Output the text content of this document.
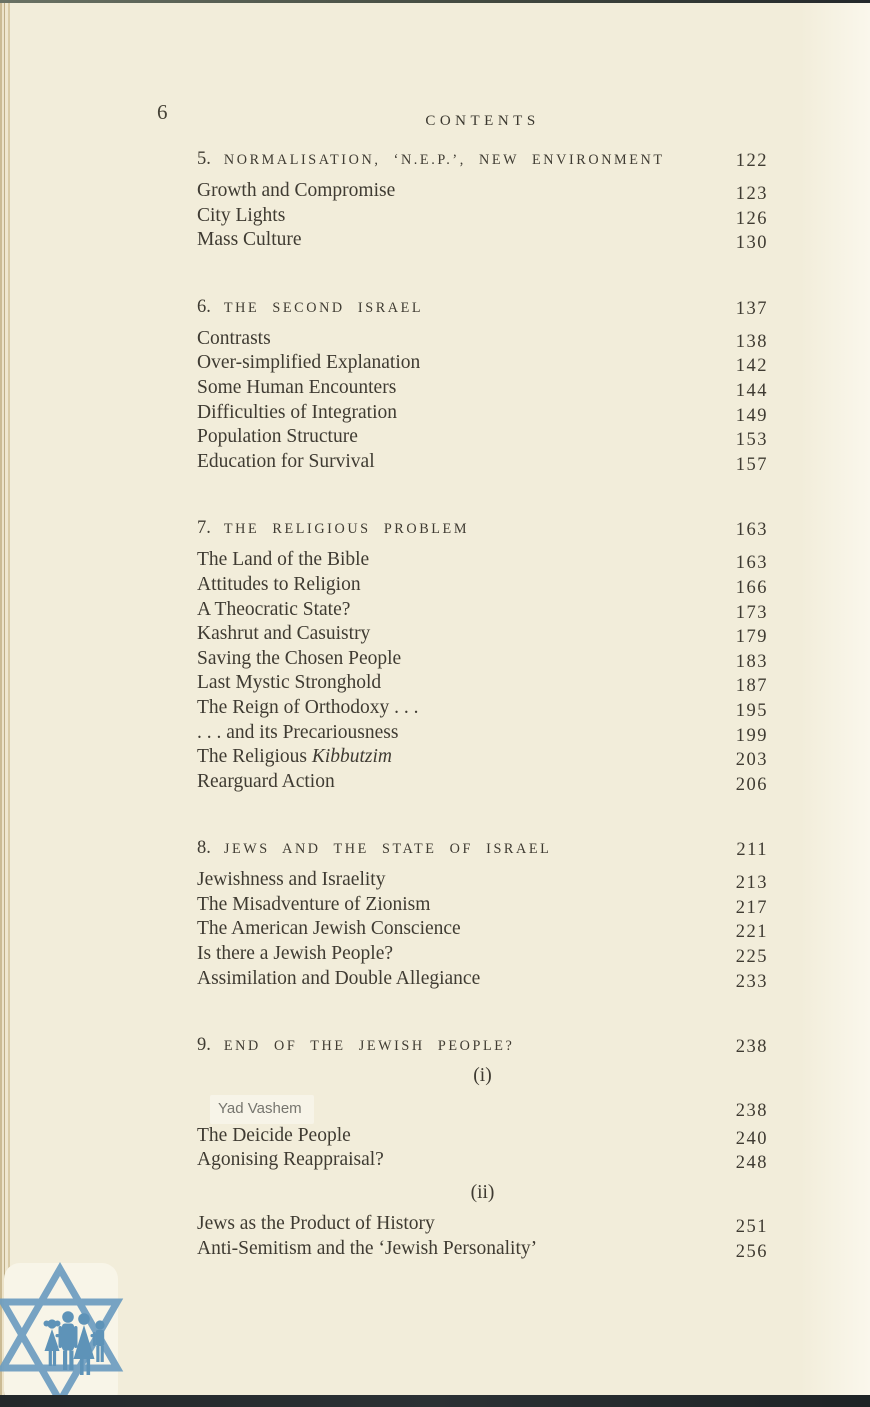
6	CONTENTS
5. NORMALISATION, ‘N.E.P.’, NEW ENVIRONMENT	122
Growth and Compromise	123
City Lights	126
Mass Culture	130
6. THE SECOND ISRAEL	137
Contrasts	138
Over-simplified Explanation	142
Some Human Encounters	144
Difficulties of Integration	149
Population Structure	153
Education for Survival	157
7. THE RELIGIOUS PROBLEM	163
The Land of the Bible	163
Attitudes to Religion	166
A Theocratic State?	173
Kashrut and Casuistry	179
Saving the Chosen People	183
Last Mystic Stronghold	187
The Reign of Orthodoxy . . .	195
. . . and its Precariousness	199
The Religious Kibbutzim	203
Rearguard Action	206
8. JEWS AND THE STATE OF ISRAEL	211
Jewishness and Israelity	213
The Misadventure of Zionism	217
The American Jewish Conscience	221
Is there a Jewish People?	225
Assimilation and Double Allegiance	233
9. END OF THE JEWISH PEOPLE?	238
(i)
Yad Vashem	238
The Deicide People	240
Agonising Reappraisal?	248
(ii)
Jews as the Product of History	251
Anti-Semitism and the ‘Jewish Personality’	256
